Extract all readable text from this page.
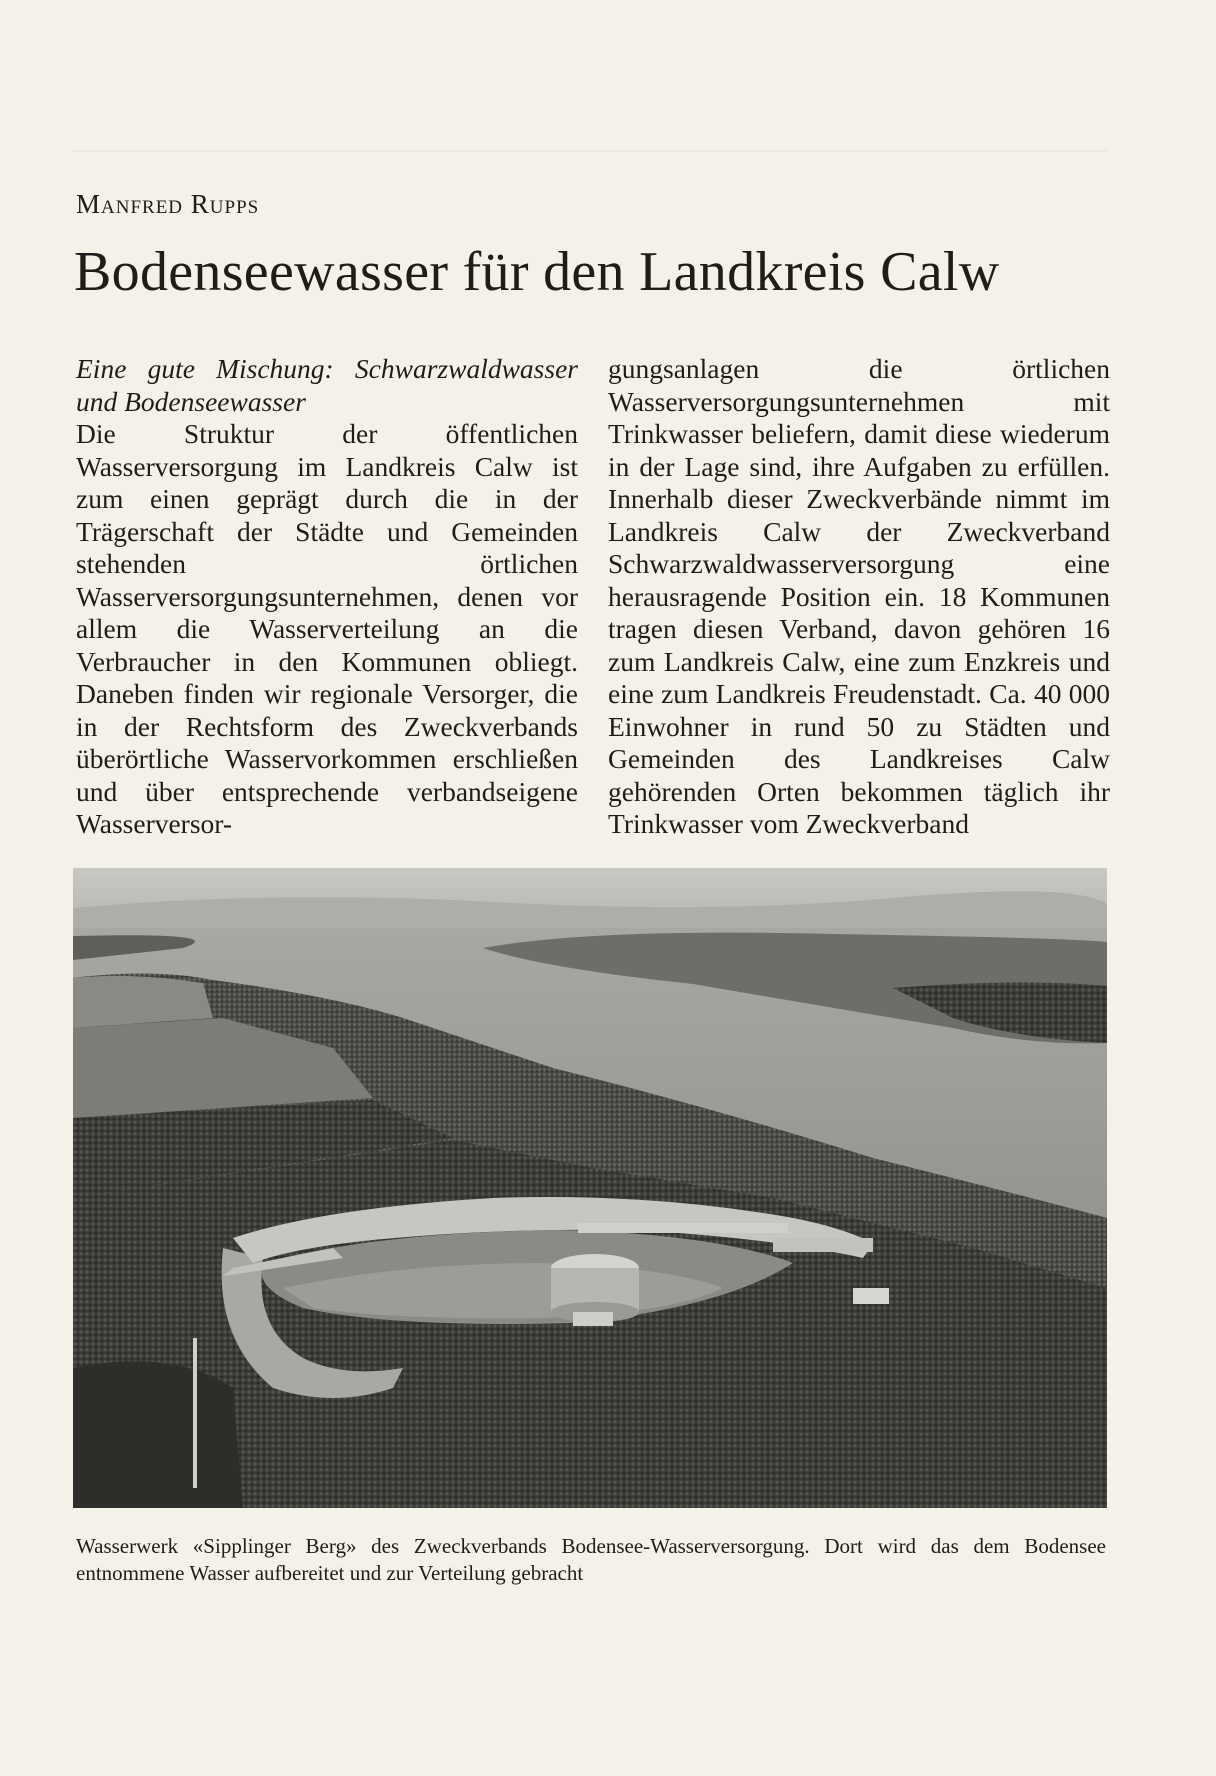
Manfred Rupps
Bodenseewasser für den Landkreis Calw

Eine gute Mischung: Schwarzwaldwasser und Bodenseewasser

Die Struktur der öffentlichen Wasserversorgung im Landkreis Calw ist zum einen geprägt durch die in der Trägerschaft der Städte und Gemeinden stehenden örtlichen Wasserversorgungsunternehmen, denen vor allem die Wasserverteilung an die Verbraucher in den Kommunen obliegt. Daneben finden wir regionale Versorger, die in der Rechtsform des Zweckverbands überörtliche Wasservorkommen erschließen und über entsprechende verbandseigene Wasserversor-

gungsanlagen die örtlichen Wasserversorgungsunternehmen mit Trinkwasser beliefern, damit diese wiederum in der Lage sind, ihre Aufgaben zu erfüllen. Innerhalb dieser Zweckverbände nimmt im Landkreis Calw der Zweckverband Schwarzwaldwasserversorgung eine herausragende Position ein. 18 Kommunen tragen diesen Verband, davon gehören 16 zum Landkreis Calw, eine zum Enzkreis und eine zum Landkreis Freudenstadt. Ca. 40 000 Einwohner in rund 50 zu Städten und Gemeinden des Landkreises Calw gehörenden Orten bekommen täglich ihr Trinkwasser vom Zweckverband

Wasserwerk «Sipplinger Berg» des Zweckverbands Bodensee-Wasserversorgung. Dort wird das dem Bodensee entnommene Wasser aufbereitet und zur Verteilung gebracht
